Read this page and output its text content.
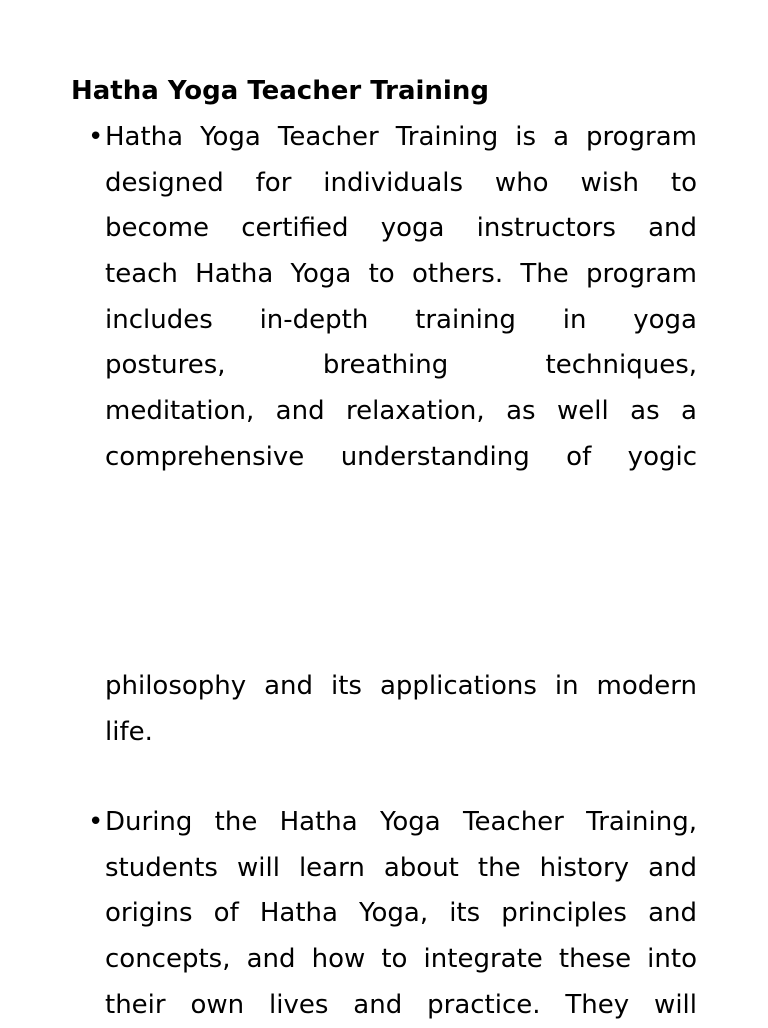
Hatha Yoga Teacher Training
• Hatha Yoga Teacher Training is a program
designed for individuals who wish to
become certified yoga instructors and
teach Hatha Yoga to others. The program
includes in-depth training in yoga
postures, breathing techniques,
meditation, and relaxation, as well as a
comprehensive understanding of yogic
philosophy and its applications in modern
life.
• During the Hatha Yoga Teacher Training,
students will learn about the history and
origins of Hatha Yoga, its principles and
concepts, and how to integrate these into
their own lives and practice. They will
